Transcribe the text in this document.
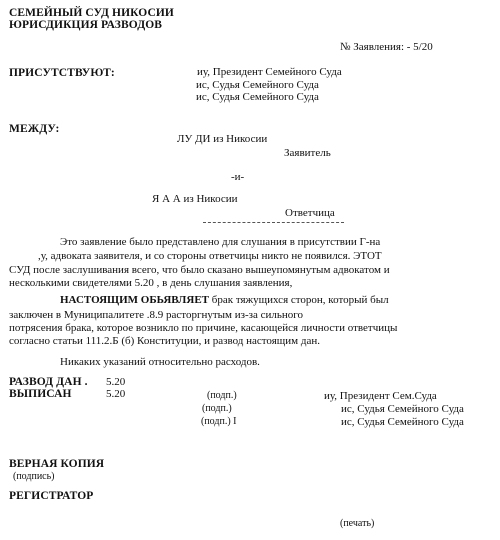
СЕМЕЙНЫЙ СУД НИКОСИИ
ЮРИСДИКЦИЯ РАЗВОДОВ
№ Заявления: - 5/20
ПРИСУТСТВУЮТ:	иу, Президент Семейного Суда
ис, Судья Семейного Суда
ис, Судья Семейного Суда
МЕЖДУ:
ЛУ ДИ из Никосии
Заявитель
-и-
Я А А из Никосии
Ответчица
Это заявление было представлено для слушания в присутствии Г-на
,у, адвоката заявителя, и со стороны ответчицы никто не появился. ЭТОТ
СУД после заслушивания всего, что было сказано вышеупомянутым адвокатом и
несколькими свидетелями 5.20 , в день слушания заявления,
НАСТОЯЩИМ ОБЬЯВЛЯЕТ брак тяжущихся сторон, который был
заключен в Муниципалитете .8.9 расторгнутым из-за сильного
потрясения брака, которое возникло по причине, касающейся личности ответчицы
согласно статьи 111.2.Б (б) Конституции, и развод настоящим дан.
Никаких указаний относительно расходов.
РАЗВОД ДАН . 5.20
ВЫПИСАН	5.20	(подп.)
(подп.)
(подп.) I
иу, Президент Сем.Суда
ис, Судья Семейного Суда
ис, Судья Семейного Суда
ВЕРНАЯ КОПИЯ
(подпись)
РЕГИСТРАТОР
(печать)
